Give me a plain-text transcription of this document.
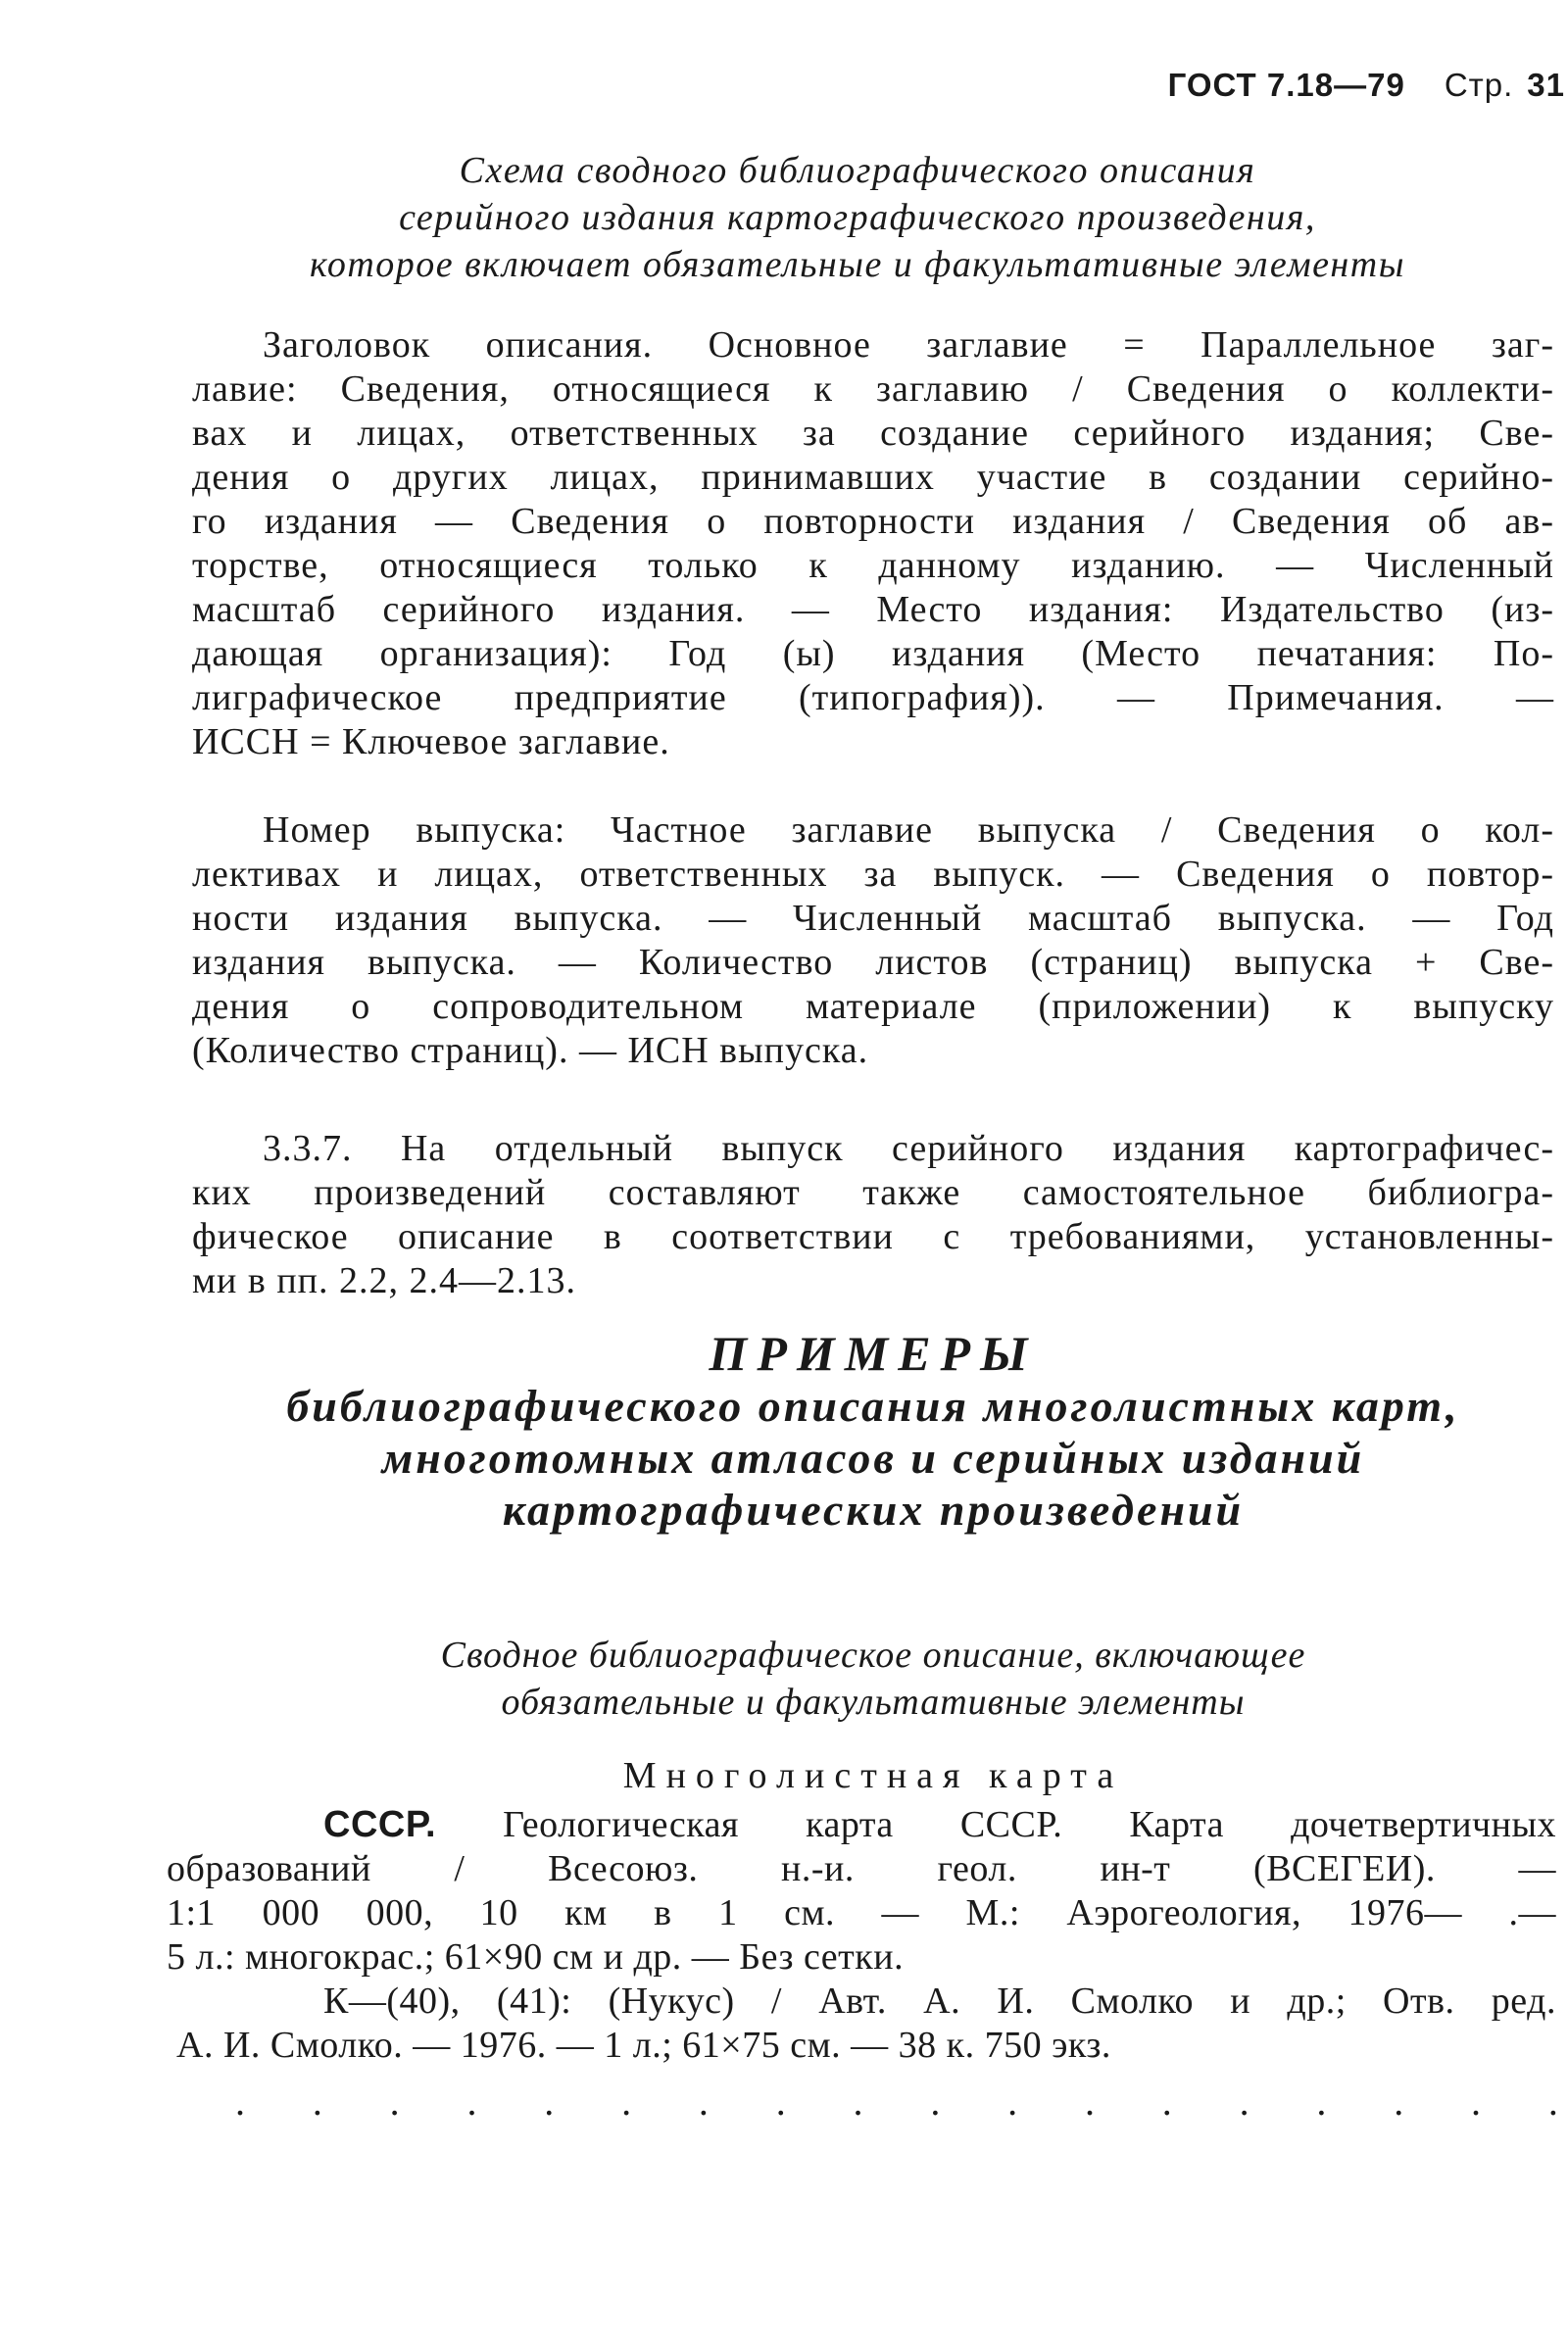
ГОСТ 7.18—79 Стр. 31
Схема сводного библиографического описания
серийного издания картографического произведения,
которое включает обязательные и факультативные элементы
Заголовок описания. Основное заглавие = Параллельное заг-
лавие: Сведения, относящиеся к заглавию / Сведения о коллекти-
вах и лицах, ответственных за создание серийного издания; Све-
дения о других лицах, принимавших участие в создании серийно-
го издания — Сведения о повторности издания / Сведения об ав-
торстве, относящиеся только к данному изданию. — Численный
масштаб серийного издания. — Место издания: Издательство (из-
дающая организация): Год (ы) издания (Место печатания: По-
лиграфическое предприятие (типография)). — Примечания. —
ИССН = Ключевое заглавие.
Номер выпуска: Частное заглавие выпуска / Сведения о кол-
лективах и лицах, ответственных за выпуск. — Сведения о повтор-
ности издания выпуска. — Численный масштаб выпуска. — Год
издания выпуска. — Количество листов (страниц) выпуска + Све-
дения о сопроводительном материале (приложении) к выпуску
(Количество страниц). — ИСН выпуска.
3.3.7. На отдельный выпуск серийного издания картографичес-
ких произведений составляют также самостоятельное библиогра-
фическое описание в соответствии с требованиями, установленны-
ми в пп. 2.2, 2.4—2.13.
ПРИМЕРЫ
библиографического описания многолистных карт,
многотомных атласов и серийных изданий
картографических произведений
Сводное библиографическое описание, включающее
обязательные и факультативные элементы
Многолистная карта
СССР. Геологическая карта СССР. Карта дочетвертичных
образований / Всесоюз. н.-и. геол. ин-т (ВСЕГЕИ). —
1:1 000 000, 10 км в 1 см. — М.: Аэрогеология, 1976— .—
5 л.: многокрас.; 61×90 см и др. — Без сетки.
К—(40), (41): (Нукус) / Авт. А. И. Смолко и др.; Отв. ред.
А. И. Смолко. — 1976. — 1 л.; 61×75 см. — 38 к. 750 экз.
. . . . . . . . . . . . . . . . . .
